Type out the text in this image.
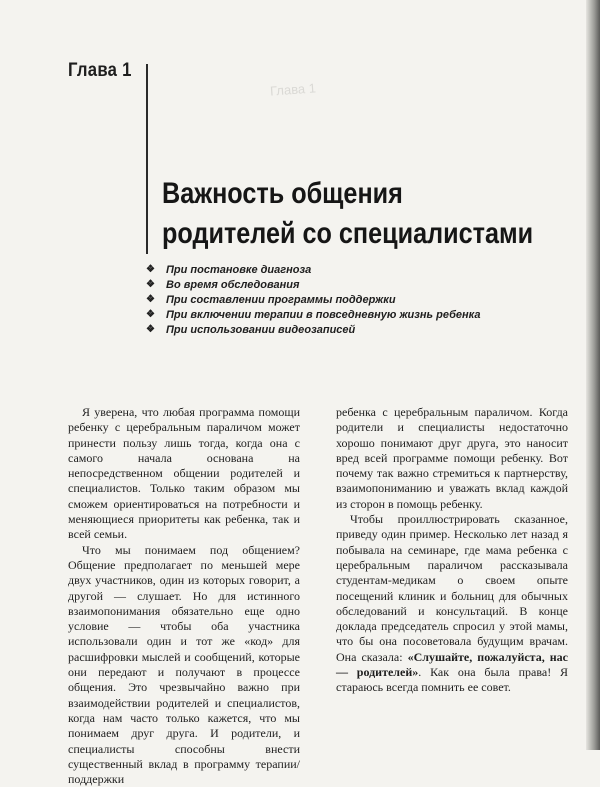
Глава 1
Глава 1
Важность общения
родителей со специалистами
❖	При постановке диагноза
❖	Во время обследования
❖	При составлении программы поддержки
❖	При включении терапии в повседневную жизнь ребенка
❖	При использовании видеозаписей

Я уверена, что любая программа помощи ребенку с церебральным параличом может принести пользу лишь тогда, когда она с самого начала основана на непосредственном общении родителей и специалистов. Только таким образом мы сможем ориентироваться на потребности и меняющиеся приоритеты как ребенка, так и всей семьи.

Что мы понимаем под общением? Общение предполагает по меньшей мере двух участников, один из которых говорит, а другой — слушает. Но для истинного взаимопонимания обязательно еще одно условие — чтобы оба участника использовали один и тот же «код» для расшифровки мыслей и сообщений, которые они передают и получают в процессе общения. Это чрезвычайно важно при взаимодействии родителей и специалистов, когда нам часто только кажется, что мы понимаем друг друга. И родители, и специалисты способны внести существенный вклад в программу терапии/поддержки

ребенка с церебральным параличом. Когда родители и специалисты недостаточно хорошо понимают друг друга, это наносит вред всей программе помощи ребенку. Вот почему так важно стремиться к партнерству, взаимопониманию и уважать вклад каждой из сторон в помощь ребенку.

Чтобы проиллюстрировать сказанное, приведу один пример. Несколько лет назад я побывала на семинаре, где мама ребенка с церебральным параличом рассказывала студентам-медикам о своем опыте посещений клиник и больниц для обычных обследований и консультаций. В конце доклада председатель спросил у этой мамы, что бы она посоветовала будущим врачам. Она сказала: «Слушайте, пожалуйста, нас — родителей». Как она была права! Я стараюсь всегда помнить ее совет.
